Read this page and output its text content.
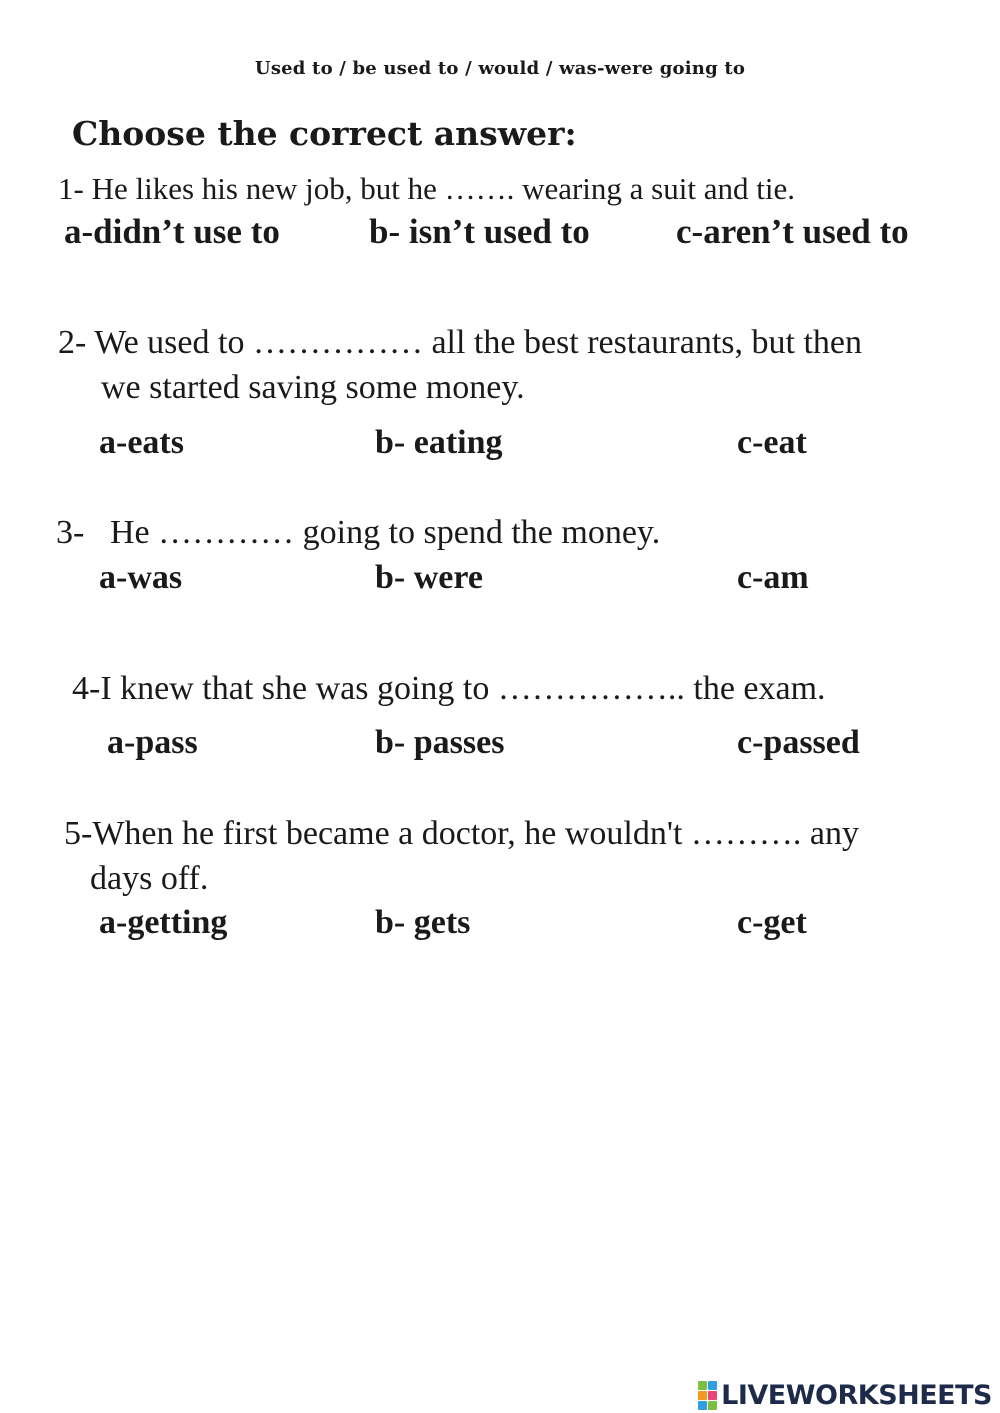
Used to / be used to / would / was-were going to
Choose the correct answer:
1- He likes his new job, but he ……. wearing a suit and tie.
a-didn’t use to	b- isn’t used to c-aren’t used to
2- We used to …………… all the best restaurants, but then
we started saving some money.
a-eats	b- eating	c-eat
3- He ………… going to spend the money.
a-was	b- were	c-am
4-I knew that she was going to …………….. the exam.
a-pass	b- passes	c-passed
5-When he first became a doctor, he wouldn't ………. any
days off.
a-getting	b- gets	c-get
LIVEWORKSHEETS
